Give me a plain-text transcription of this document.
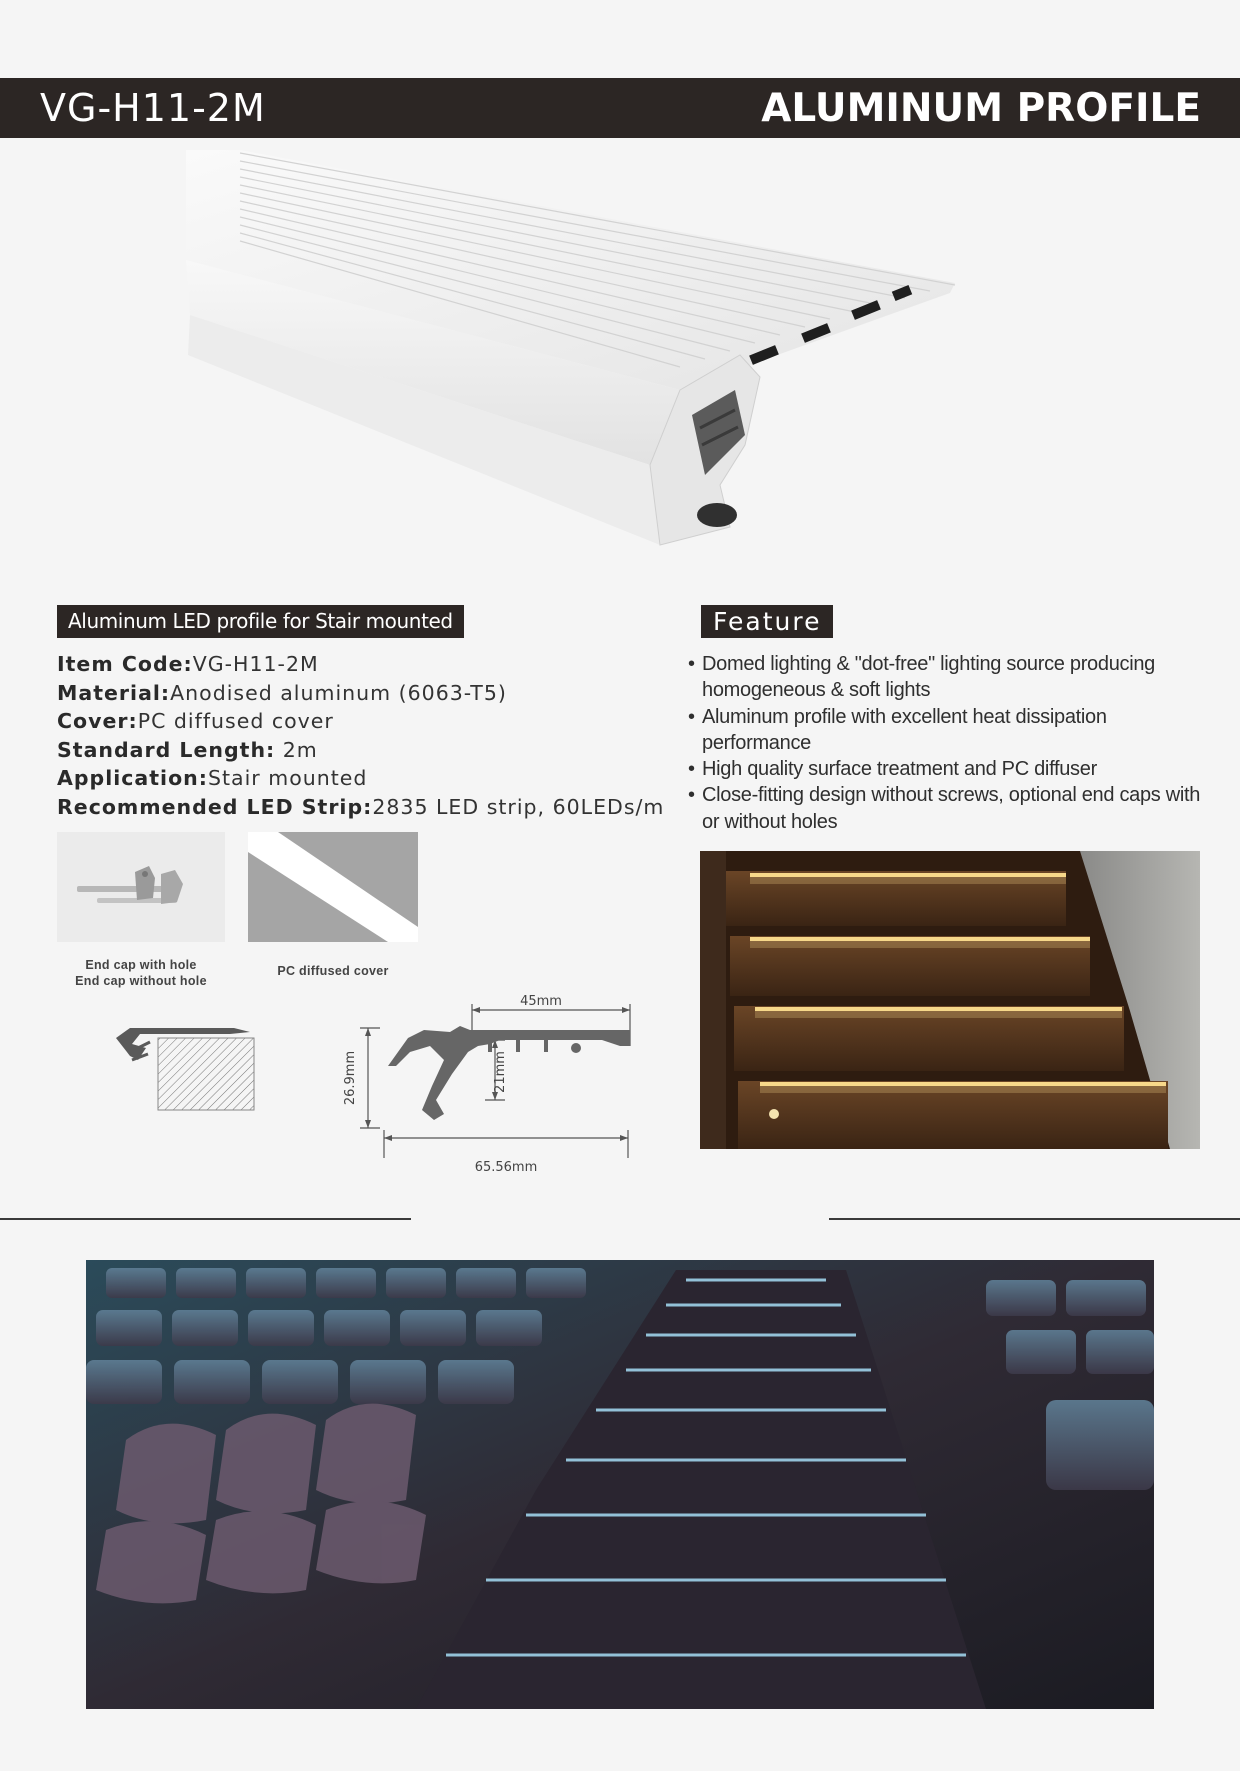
VG-H11-2M	ALUMINUM PROFILE
Aluminum LED profile for Stair mounted
Item Code:VG-H11-2M
Material:Anodised aluminum (6063-T5)
Cover:PC diffused cover
Standard Length: 2m
Application:Stair mounted
Recommended LED Strip:2835 LED strip, 60LEDs/m
End cap with hole
End cap without hole
PC diffused cover
45mm
26.9mm	21mm
65.56mm
Feature
• Domed lighting & "dot-free" lighting source producing homogeneous & soft lights
• Aluminum profile with excellent heat dissipation performance
• High quality surface treatment and PC diffuser
• Close-fitting design without screws, optional end caps with or without holes
